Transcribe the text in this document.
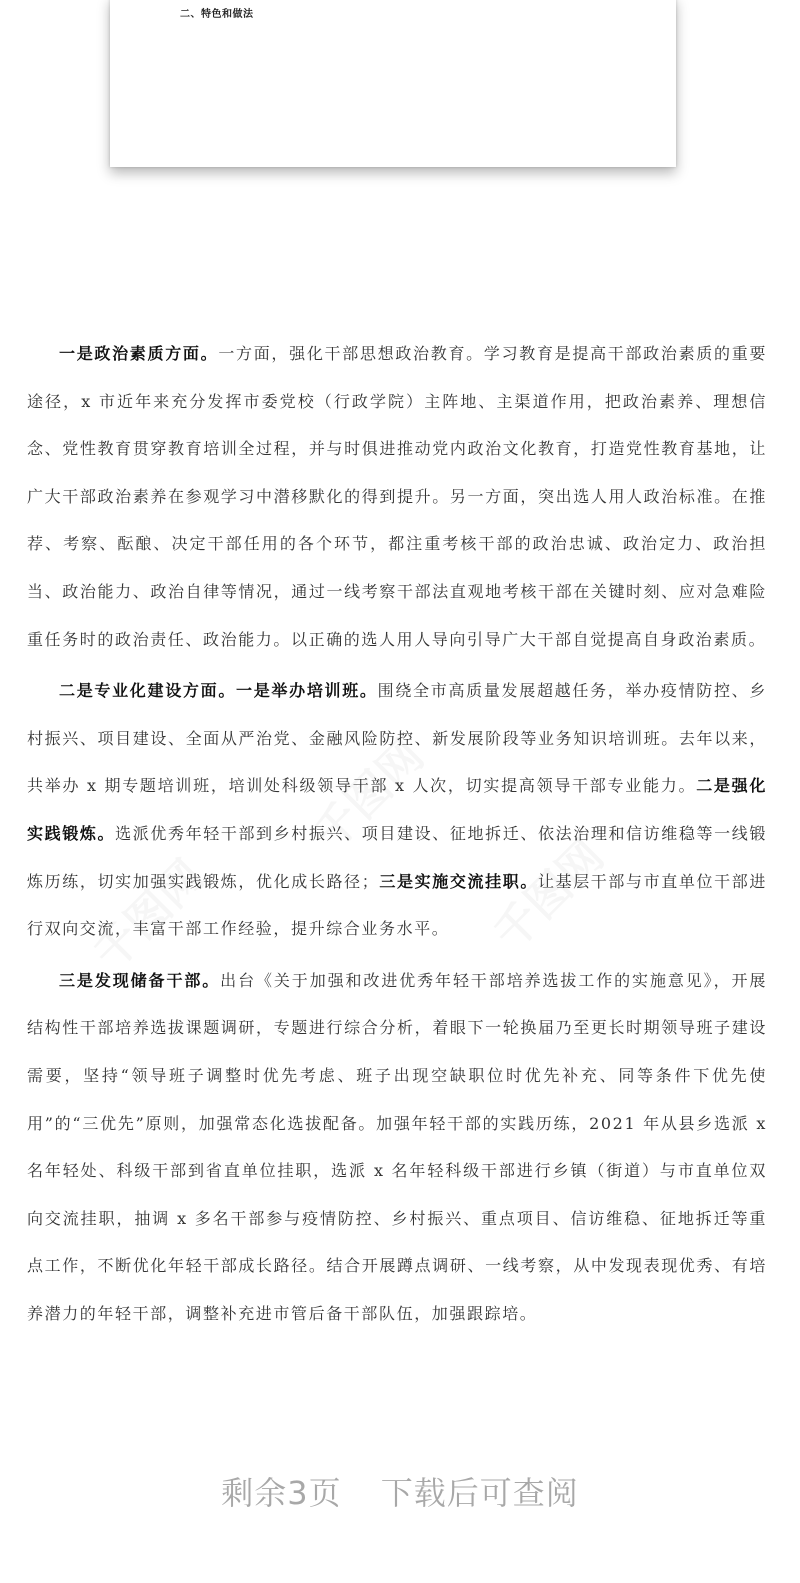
二、特色和做法

一是政治素质方面。一方面，强化干部思想政治教育。学习教育是提高干部政治素质的重要途径，x 市近年来充分发挥市委党校（行政学院）主阵地、主渠道作用，把政治素养、理想信念、党性教育贯穿教育培训全过程，并与时俱进推动党内政治文化教育，打造党性教育基地，让广大干部政治素养在参观学习中潜移默化的得到提升。另一方面，突出选人用人政治标准。在推荐、考察、酝酿、决定干部任用的各个环节，都注重考核干部的政治忠诚、政治定力、政治担当、政治能力、政治自律等情况，通过一线考察干部法直观地考核干部在关键时刻、应对急难险重任务时的政治责任、政治能力。以正确的选人用人导向引导广大干部自觉提高自身政治素质。

二是专业化建设方面。一是举办培训班。围绕全市高质量发展超越任务，举办疫情防控、乡村振兴、项目建设、全面从严治党、金融风险防控、新发展阶段等业务知识培训班。去年以来，共举办 x 期专题培训班，培训处科级领导干部 x 人次，切实提高领导干部专业能力。二是强化实践锻炼。选派优秀年轻干部到乡村振兴、项目建设、征地拆迁、依法治理和信访维稳等一线锻炼历练，切实加强实践锻炼，优化成长路径；三是实施交流挂职。让基层干部与市直单位干部进行双向交流，丰富干部工作经验，提升综合业务水平。

三是发现储备干部。出台《关于加强和改进优秀年轻干部培养选拔工作的实施意见》，开展结构性干部培养选拔课题调研，专题进行综合分析，着眼下一轮换届乃至更长时期领导班子建设需要，坚持“领导班子调整时优先考虑、班子出现空缺职位时优先补充、同等条件下优先使用”的“三优先”原则，加强常态化选拔配备。加强年轻干部的实践历练，2021 年从县乡选派 x 名年轻处、科级干部到省直单位挂职，选派 x 名年轻科级干部进行乡镇（街道）与市直单位双向交流挂职，抽调 x 多名干部参与疫情防控、乡村振兴、重点项目、信访维稳、征地拆迁等重点工作，不断优化年轻干部成长路径。结合开展蹲点调研、一线考察，从中发现表现优秀、有培养潜力的年轻干部，调整补充进市管后备干部队伍，加强跟踪培。

剩余3页 下载后可查阅
